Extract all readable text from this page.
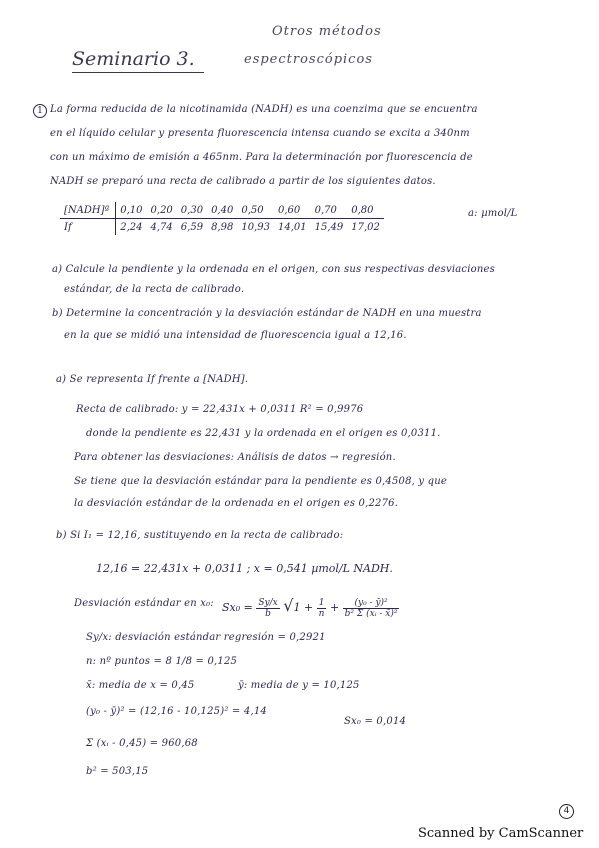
Otros métodos
Seminario 3.	espectroscópicos
1 La forma reducida de la nicotinamida (NADH) es una coenzima que se encuentra
en el líquido celular y presenta fluorescencia intensa cuando se excita a 340nm
con un máximo de emisión a 465nm. Para la determinación por fluorescencia de
NADH se preparó una recta de calibrado a partir de los siguientes datos.
[NADH]ª	0,10	0,20	0,30	0,40	0,50	0,60	0,70	0,80
If	2,24	4,74	6,59	8,98	10,93	14,01	15,49	17,02
a: µmol/L
a) Calcule la pendiente y la ordenada en el origen, con sus respectivas desviaciones
estándar, de la recta de calibrado.
b) Determine la concentración y la desviación estándar de NADH en una muestra
en la que se midió una intensidad de fluorescencia igual a 12,16.
a) Se representa If frente a [NADH].
Recta de calibrado: y = 22,431x + 0,0311 R² = 0,9976
donde la pendiente es 22,431 y la ordenada en el origen es 0,0311.
Para obtener las desviaciones: Análisis de datos → regresión.
Se tiene que la desviación estándar para la pendiente es 0,4508, y que
la desviación estándar de la ordenada en el origen es 0,2276.
b) Si I₁ = 12,16, sustituyendo en la recta de calibrado:
12,16 = 22,431x + 0,0311 ; x = 0,541 µmol/L NADH.
Desviación estándar en x₀: $Sx_0 = \frac{Sy/x}{b} √1 + \frac{1}{n} + \frac{\text{(y₀ - ȳ)²}}{\text{b² Σ (xᵢ - x̄)²}}$
Sy/x: desviación estándar regresión = 0,2921
n: nº puntos = 8 1/8 = 0,125
x̄: media de x = 0,45	ȳ: media de y = 10,125
(y₀ - ȳ)² = (12,16 - 10,125)² = 4,14
Sx₀ = 0,014
Σ (xᵢ - 0,45) = 960,68
b² = 503,15
4
Scanned by CamScanner
